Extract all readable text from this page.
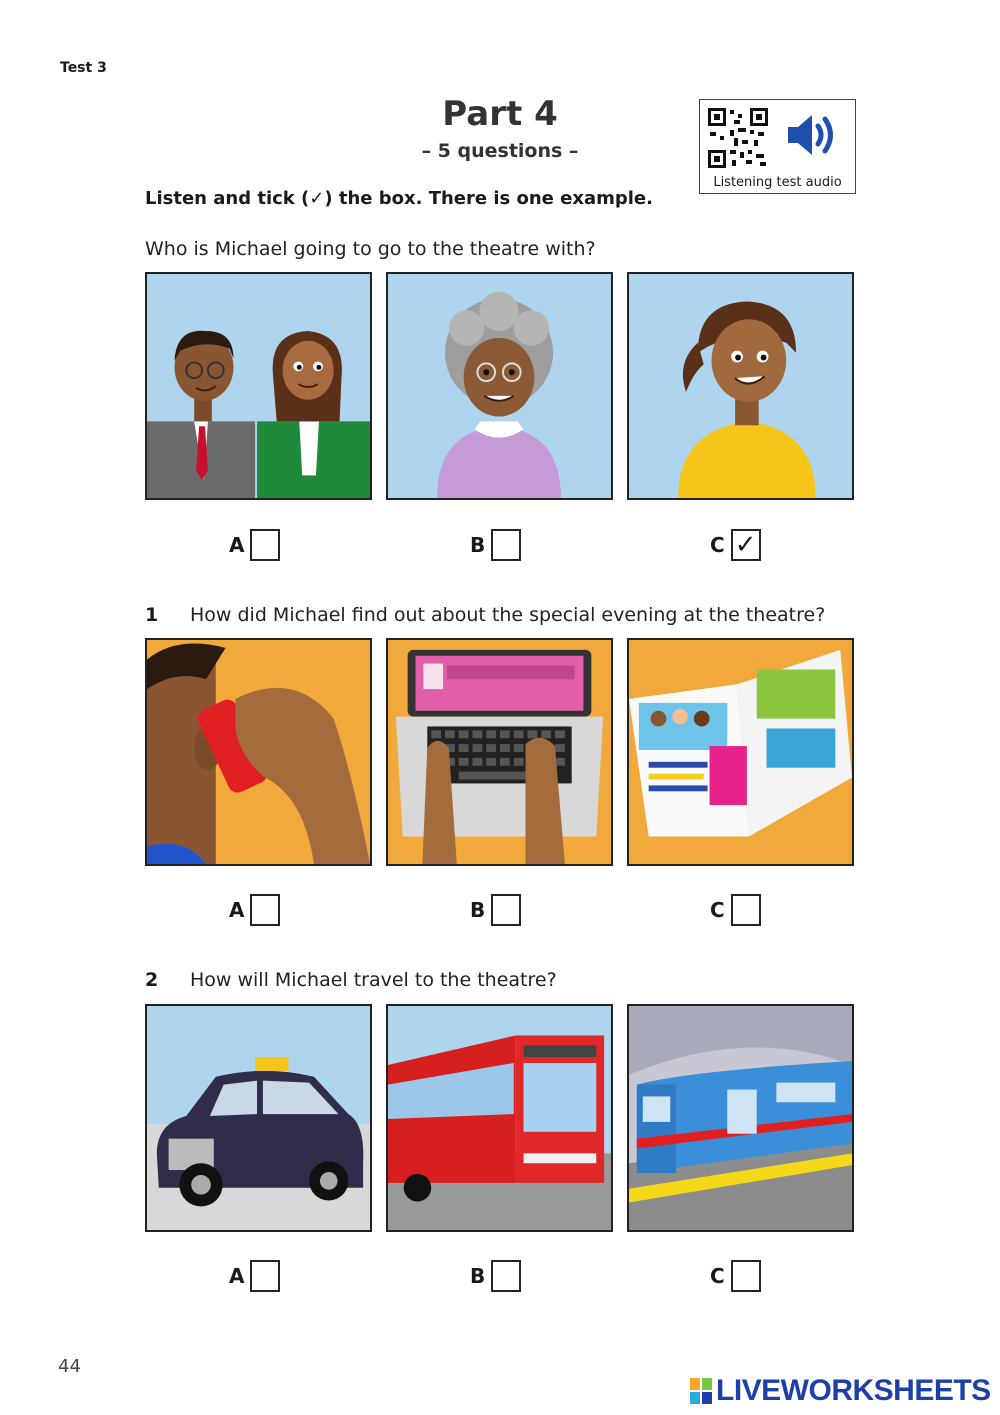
Test 3
Part 4
– 5 questions –
Listening test audio
Listen and tick (✓) the box. There is one example.
Who is Michael going to go to the theatre with?
A	B	C ✓
1 How did Michael find out about the special evening at the theatre?
A	B	C
2 How will Michael travel to the theatre?
A	B	C
44
LIVEWORKSHEETS
